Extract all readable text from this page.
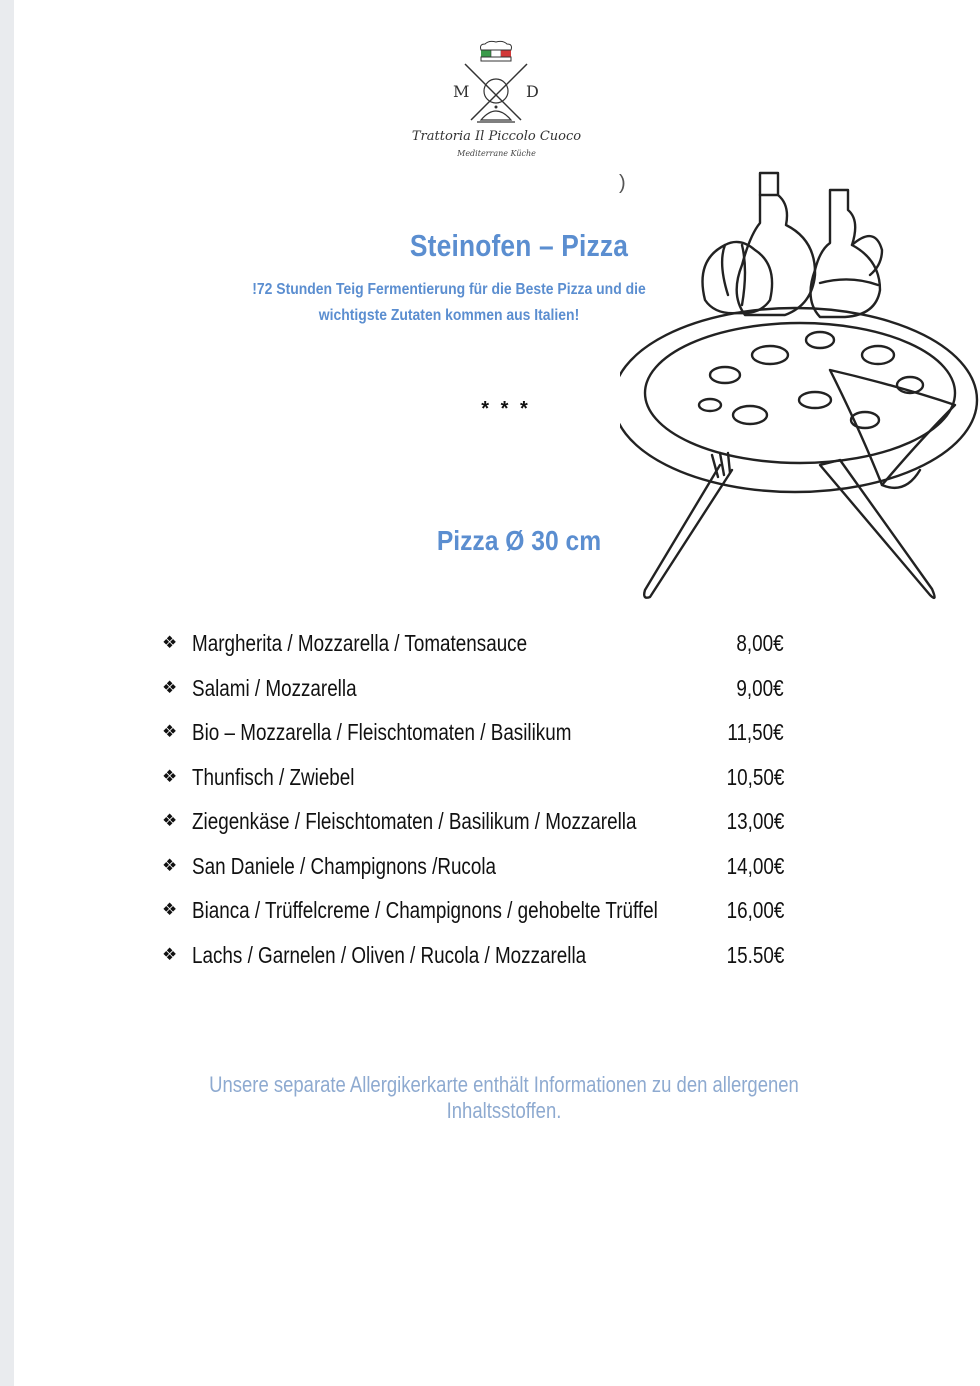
M	D
Trattoria Il Piccolo Cuoco
Mediterrane Küche
)
Steinofen – Pizza
!72 Stunden Teig Fermentierung für die Beste Pizza und die
wichtigste Zutaten kommen aus Italien!
* * *
Pizza Ø 30 cm
❖ Margherita / Mozzarella / Tomatensauce	8,00€
❖ Salami / Mozzarella	9,00€
❖ Bio – Mozzarella / Fleischtomaten / Basilikum	11,50€
❖ Thunfisch / Zwiebel	10,50€
❖ Ziegenkäse / Fleischtomaten / Basilikum / Mozzarella	13,00€
❖ San Daniele / Champignons /Rucola	14,00€
❖ Bianca / Trüffelcreme / Champignons / gehobelte Trüffel	16,00€
❖ Lachs / Garnelen / Oliven / Rucola / Mozzarella	15.50€
Unsere separate Allergikerkarte enthält Informationen zu den allergenen Inhaltsstoffen.
